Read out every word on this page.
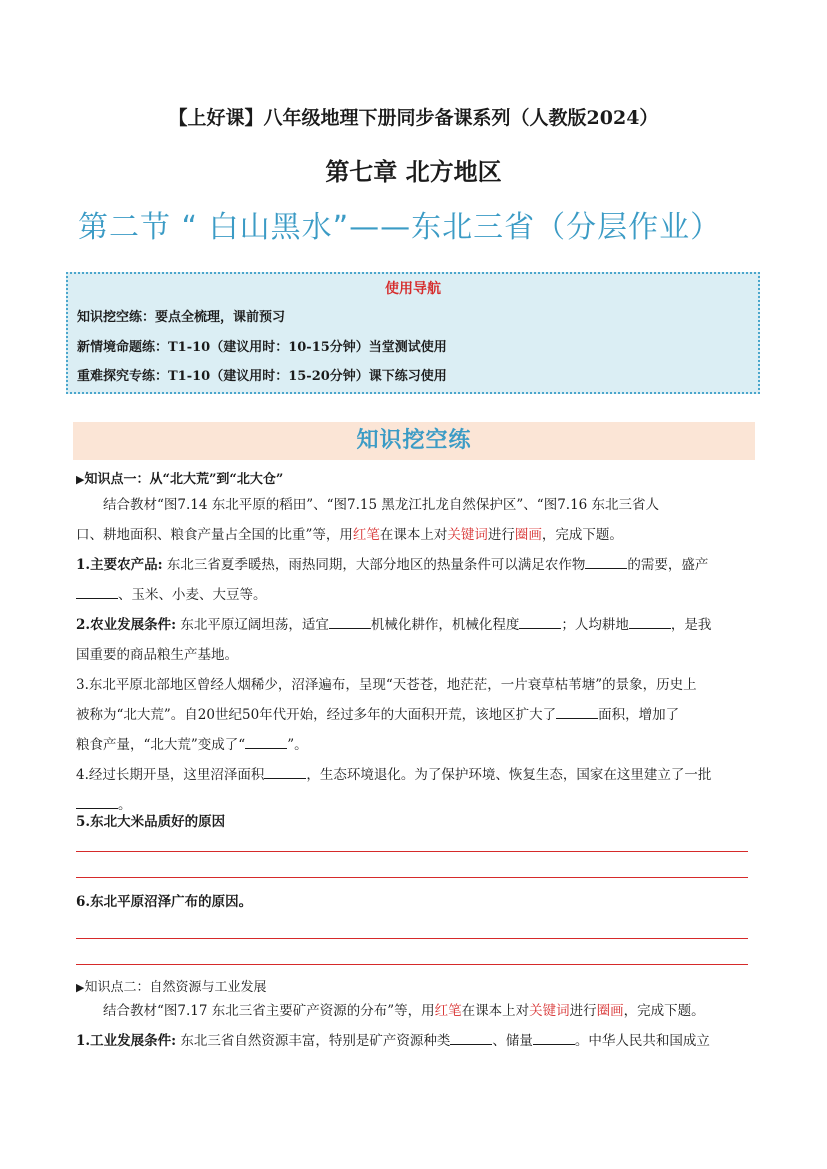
【上好课】八年级地理下册同步备课系列（人教版2024）
第七章 北方地区
第二节 “ 白山黑水”——东北三省（分层作业）
使用导航
知识挖空练：要点全梳理，课前预习
新情境命题练：T1-10（建议用时：10-15分钟）当堂测试使用
重难探究专练：T1-10（建议用时：15-20分钟）课下练习使用
知识挖空练
▶知识点一：从“北大荒”到“北大仓”
结合教材“图7.14 东北平原的稻田”、“图7.15 黑龙江扎龙自然保护区”、“图7.16 东北三省人
口、耕地面积、粮食产量占全国的比重”等，用红笔在课本上对关键词进行圈画，完成下题。
1.主要农产品: 东北三省夏季暖热，雨热同期，大部分地区的热量条件可以满足农作物	的需要，盛产
、玉米、小麦、大豆等。
2.农业发展条件: 东北平原辽阔坦荡，适宜	机械化耕作，机械化程度	；人均耕地	，是我
国重要的商品粮生产基地。
3.东北平原北部地区曾经人烟稀少，沼泽遍布，呈现“天苍苍，地茫茫，一片衰草枯苇塘”的景象，历史上
被称为“北大荒”。自20世纪50年代开始，经过多年的大面积开荒，该地区扩大了	面积，增加了
粮食产量，“北大荒”变成了“	”。
4.经过长期开垦，这里沼泽面积	，生态环境退化。为了保护环境、恢复生态，国家在这里建立了一批
。
5.东北大米品质好的原因
6.东北平原沼泽广布的原因。
▶知识点二：自然资源与工业发展
结合教材“图7.17 东北三省主要矿产资源的分布”等，用红笔在课本上对关键词进行圈画，完成下题。
1.工业发展条件: 东北三省自然资源丰富，特别是矿产资源种类	、储量	。中华人民共和国成立
